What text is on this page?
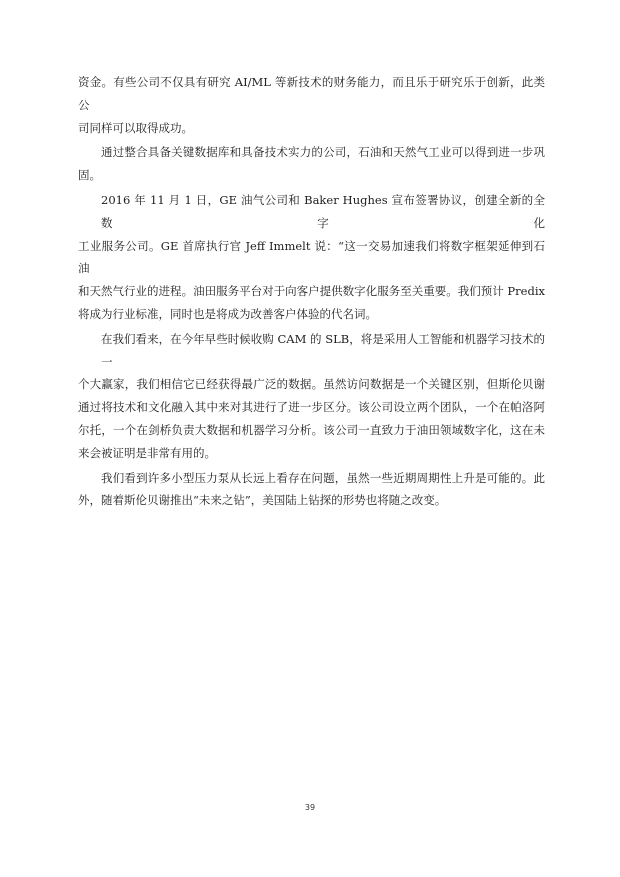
资金。有些公司不仅具有研究 AI/ML 等新技术的财务能力，而且乐于研究乐于创新，此类公
司同样可以取得成功。
通过整合具备关键数据库和具备技术实力的公司，石油和天然气工业可以得到进一步巩
固。
2016 年 11 月 1 日，GE 油气公司和 Baker Hughes 宣布签署协议，创建全新的全数字化
工业服务公司。GE 首席执行官 Jeff Immelt 说：“这一交易加速我们将数字框架延伸到石油
和天然气行业的进程。油田服务平台对于向客户提供数字化服务至关重要。我们预计 Predix
将成为行业标准，同时也是将成为改善客户体验的代名词。
在我们看来，在今年早些时候收购 CAM 的 SLB，将是采用人工智能和机器学习技术的一
个大赢家，我们相信它已经获得最广泛的数据。虽然访问数据是一个关键区别，但斯伦贝谢
通过将技术和文化融入其中来对其进行了进一步区分。该公司设立两个团队，一个在帕洛阿
尔托，一个在剑桥负责大数据和机器学习分析。该公司一直致力于油田领域数字化，这在未
来会被证明是非常有用的。
我们看到许多小型压力泵从长远上看存在问题，虽然一些近期周期性上升是可能的。此
外，随着斯伦贝谢推出“未来之钻”，美国陆上钻探的形势也将随之改变。
39
